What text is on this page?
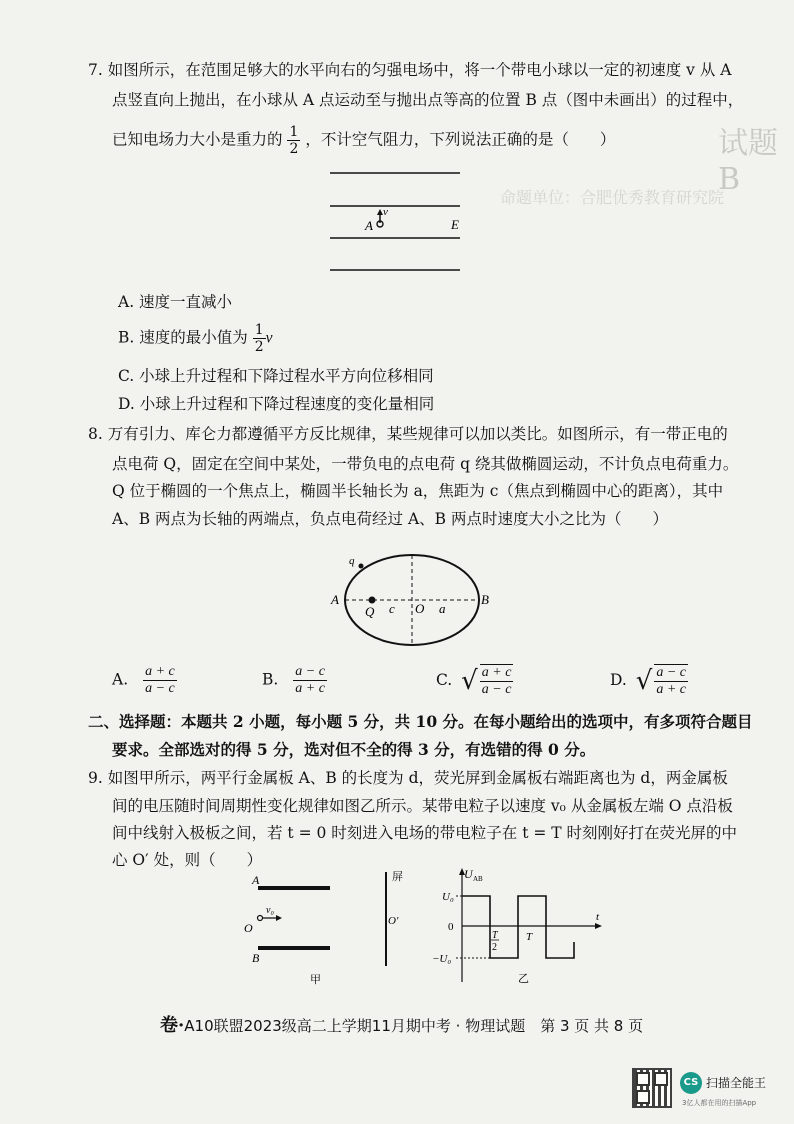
试题 B
命题单位：合肥优秀教育研究院
7. 如图所示，在范围足够大的水平向右的匀强电场中，将一个带电小球以一定的初速度 v 从 A
点竖直向上抛出，在小球从 A 点运动至与抛出点等高的位置 B 点（图中未画出）的过程中，
已知电场力大小是重力的 $\frac{1}{2}$ ，不计空气阻力，下列说法正确的是（　　）
v
A	E
A. 速度一直减小
B. 速度的最小值为 $\frac{1}{2}$ v
C. 小球上升过程和下降过程水平方向位移相同
D. 小球上升过程和下降过程速度的变化量相同
8. 万有引力、库仑力都遵循平方反比规律，某些规律可以加以类比。如图所示，有一带正电的
点电荷 Q，固定在空间中某处，一带负电的点电荷 q 绕其做椭圆运动，不计负点电荷重力。
Q 位于椭圆的一个焦点上，椭圆半长轴长为 a，焦距为 c（焦点到椭圆中心的距离），其中
A、B 两点为长轴的两端点，负点电荷经过 A、B 两点时速度大小之比为（　　）
q
A	B
Q c O a
A. $\frac{a + c}{a - c}$	B. $\frac{a - c}{a + c}$	C. √ $\frac{a + c}{a - c}$	D. √ $\frac{a - c}{a + c}$
二、选择题：本题共 2 小题，每小题 5 分，共 10 分。在每小题给出的选项中，有多项符合题目
要求。全部选对的得 5 分，选对但不全的得 3 分，有选错的得 0 分。
9. 如图甲所示，两平行金属板 A、B 的长度为 d，荧光屏到金属板右端距离也为 d，两金属板
间的电压随时间周期性变化规律如图乙所示。某带电粒子以速度 v₀ 从金属板左端 O 点沿板
间中线射入极板之间，若 t = 0 时刻进入电场的带电粒子在 t = T 时刻刚好打在荧光屏的中
心 O′ 处，则（　　）
A
B
O
v₀
屏
O′
甲
U AB
U₀
−U₀
0
T
2
T
t
乙
卷·A10联盟2023级高二上学期11月期中考 · 物理试题　第 3 页 共 8 页
CS 扫描全能王
3亿人都在用的扫描App
